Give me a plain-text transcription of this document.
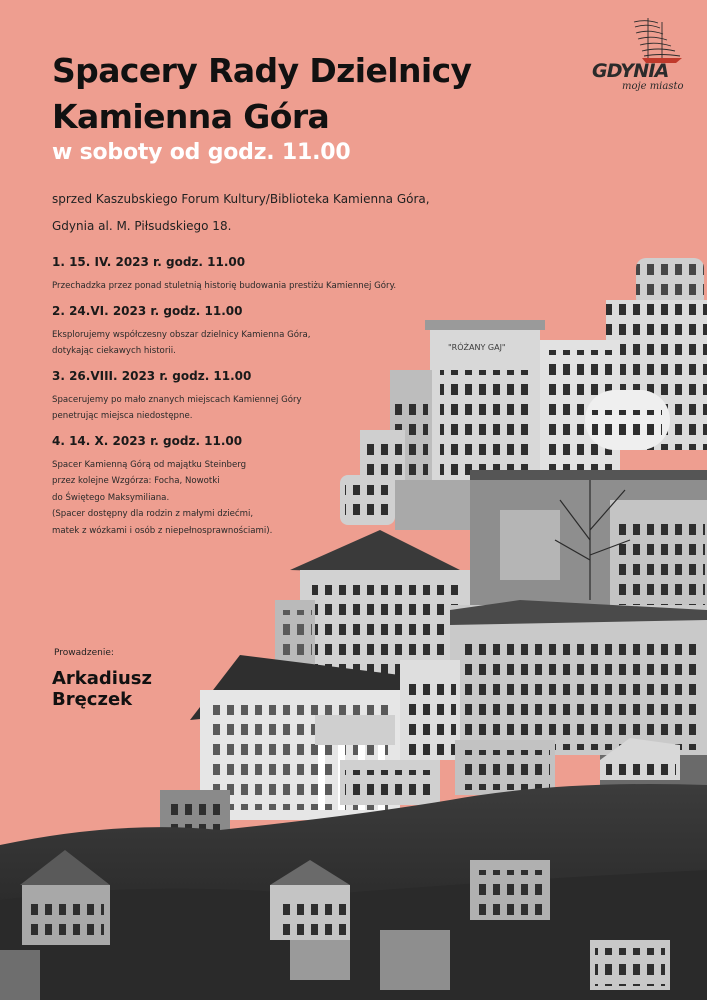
Spacery Rady Dzielnicy
Kamienna Góra
w soboty od godz. 11.00
sprzed Kaszubskiego Forum Kultury/Biblioteka Kamienna Góra,
Gdynia al. M. Piłsudskiego 18.
1. 15. IV. 2023 r. godz. 11.00
Przechadzka przez ponad stuletnią historię budowania prestiżu Kamiennej Góry.
2. 24.VI. 2023 r. godz. 11.00
Eksplorujemy współczesny obszar dzielnicy Kamienna Góra,
dotykając ciekawych historii.
3. 26.VIII. 2023 r. godz. 11.00
Spacerujemy po mało znanych miejscach Kamiennej Góry
penetrując miejsca niedostępne.
4. 14. X. 2023 r. godz. 11.00
Spacer Kamienną Górą od majątku Steinberg
przez kolejne Wzgórza: Focha, Nowotki
do Świętego Maksymiliana.
(Spacer dostępny dla rodzin z małymi dziećmi,
matek z wózkami i osób z niepełnosprawnościami).
Prowadzenie:
Arkadiusz
Bręczek
GDYNIA
moje miasto
"RÓŻANY GAJ"
